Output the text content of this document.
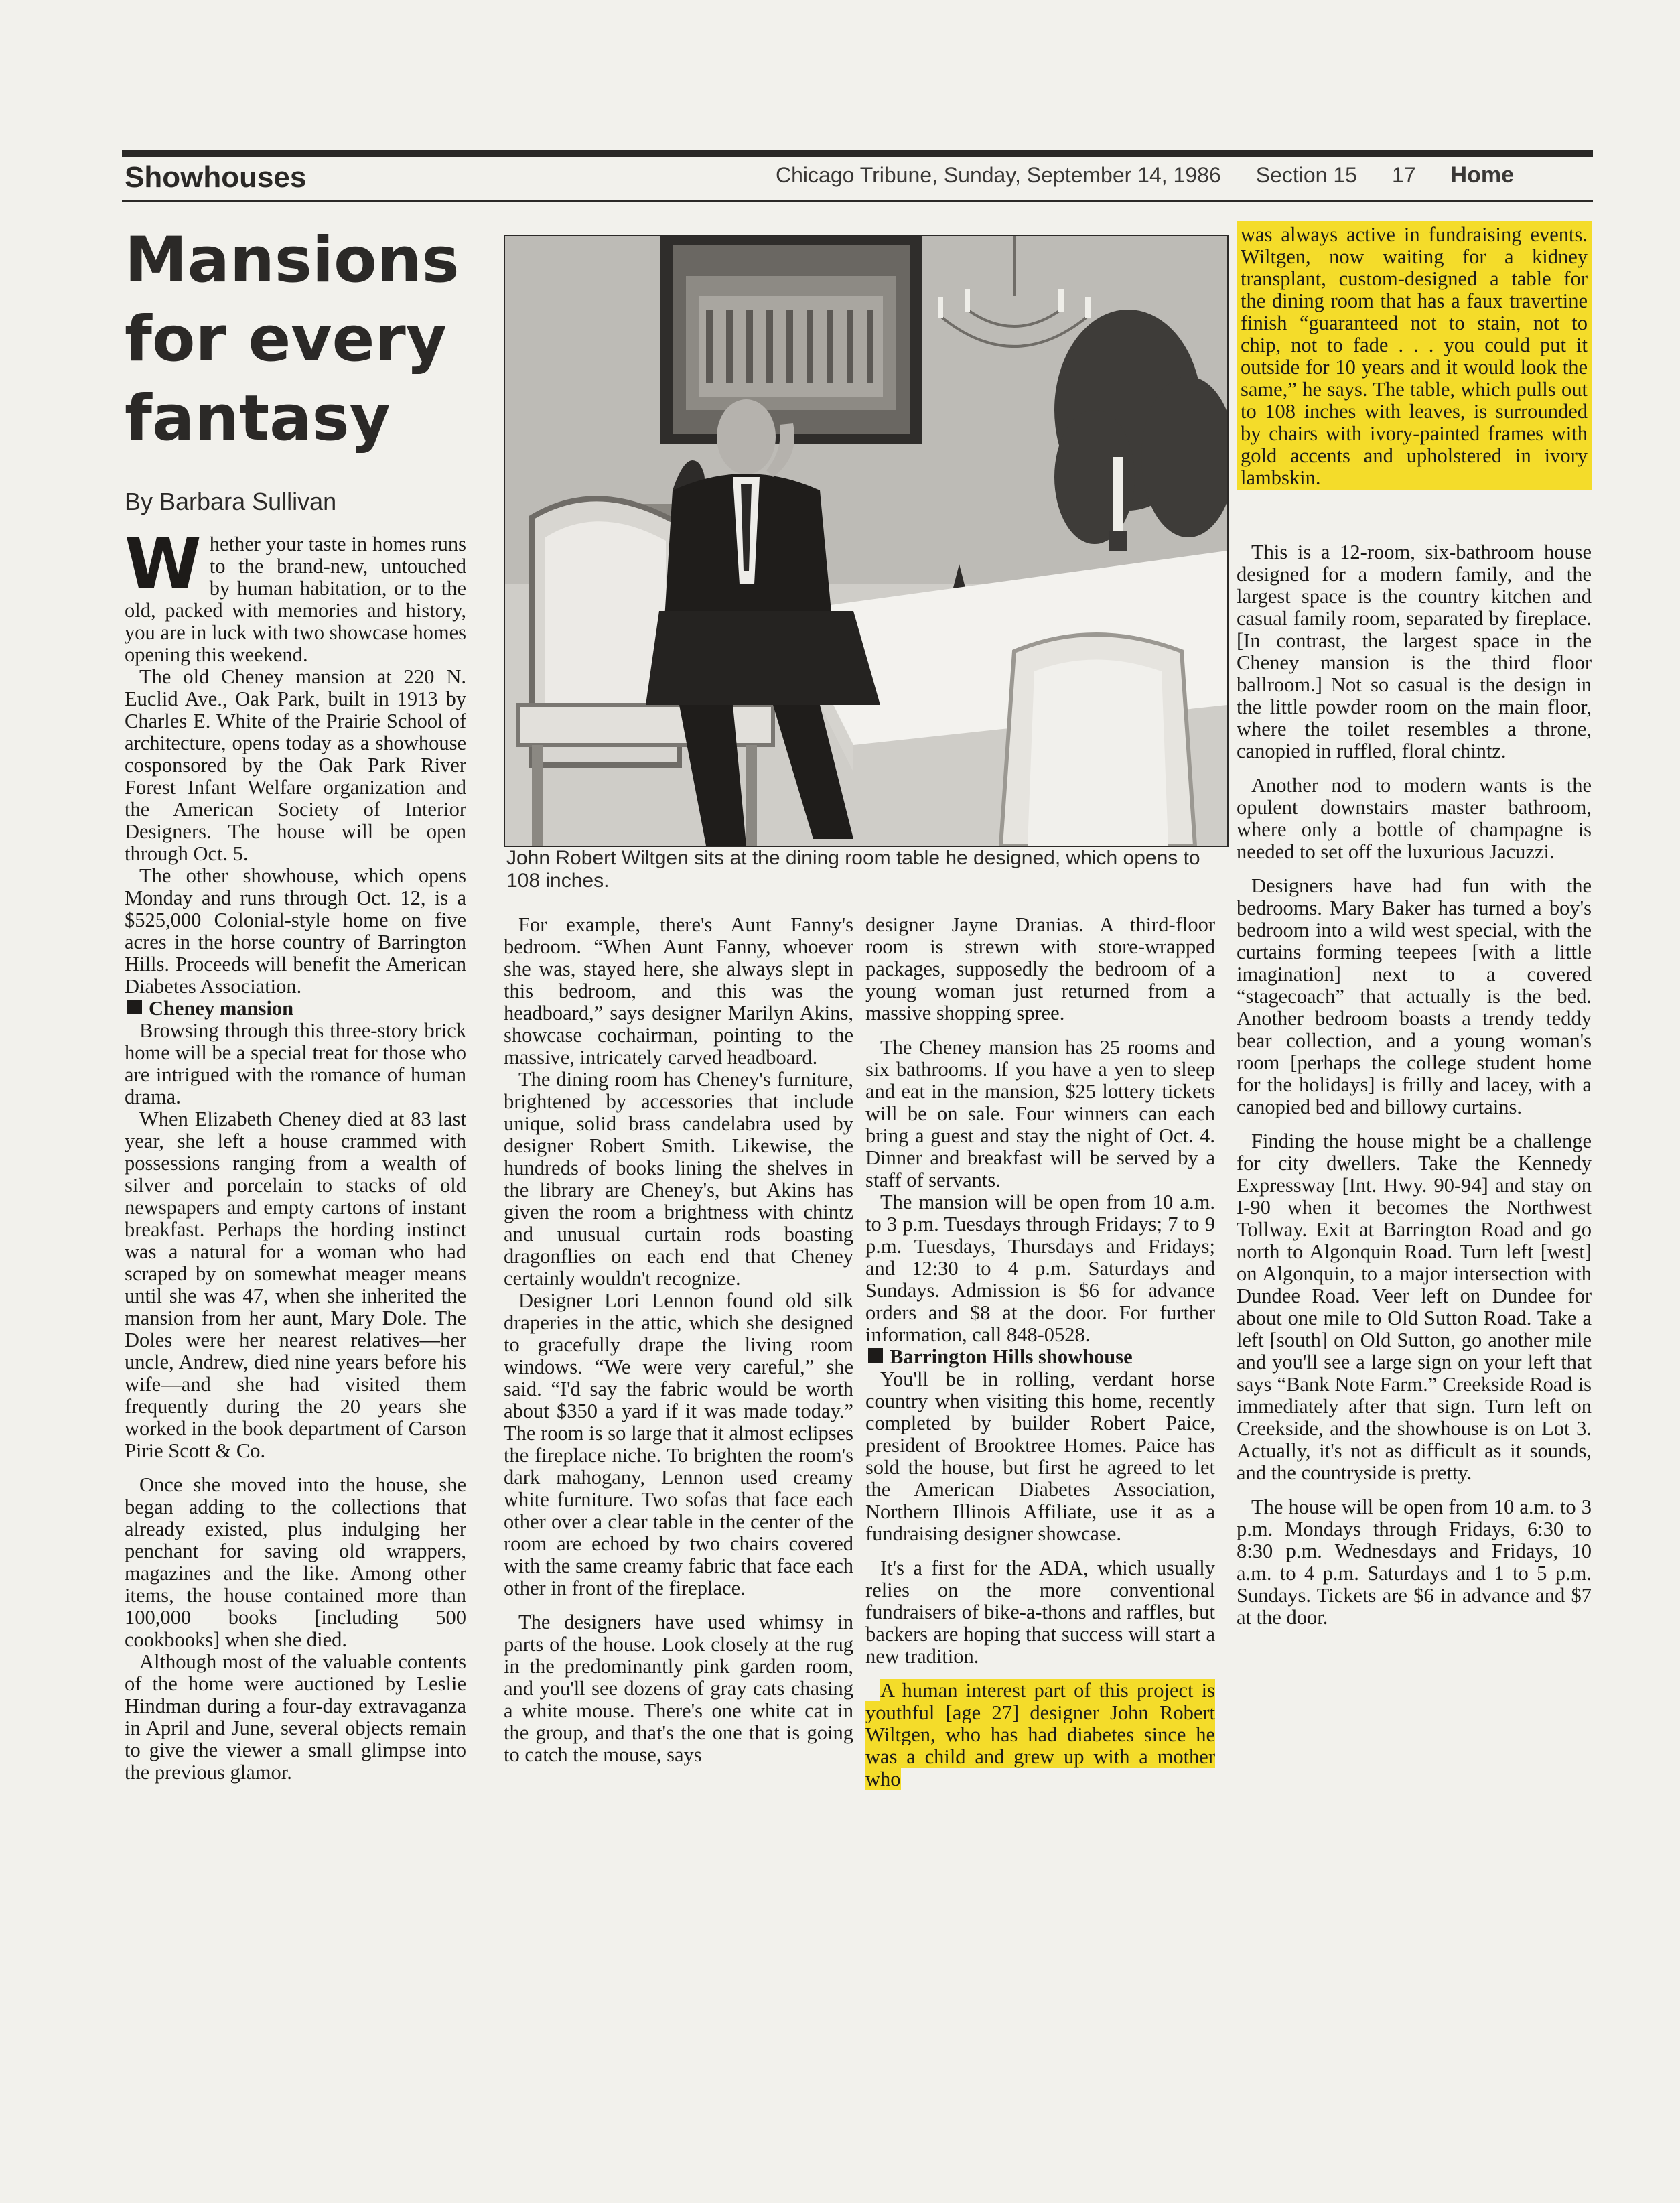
Showhouses	Chicago Tribune, Sunday, September 14, 1986 Section 15 17 Home
Mansions
for every
fantasy
By Barbara Sullivan

Whether your taste in homes runs to the brand-new, untouched by human habitation, or to the old, packed with memories and history, you are in luck with two showcase homes opening this weekend.

The old Cheney mansion at 220 N. Euclid Ave., Oak Park, built in 1913 by Charles E. White of the Prairie School of architecture, opens today as a showhouse cosponsored by the Oak Park River Forest Infant Welfare organization and the American Society of Interior Designers. The house will be open through Oct. 5.

The other showhouse, which opens Monday and runs through Oct. 12, is a $525,000 Colonial-style home on five acres in the horse country of Barrington Hills. Proceeds will benefit the American Diabetes Association.

Cheney mansion

Browsing through this three-story brick home will be a special treat for those who are intrigued with the romance of human drama.

When Elizabeth Cheney died at 83 last year, she left a house crammed with possessions ranging from a wealth of silver and porcelain to stacks of old newspapers and empty cartons of instant breakfast. Perhaps the hording instinct was a natural for a woman who had scraped by on somewhat meager means until she was 47, when she inherited the mansion from her aunt, Mary Dole. The Doles were her nearest relatives—her uncle, Andrew, died nine years before his wife—and she had visited them frequently during the 20 years she worked in the book department of Carson Pirie Scott & Co.

Once she moved into the house, she began adding to the collections that already existed, plus indulging her penchant for saving old wrappers, magazines and the like. Among other items, the house contained more than 100,000 books [including 500 cookbooks] when she died.

Although most of the valuable contents of the home were auctioned by Leslie Hindman during a four-day extravaganza in April and June, several objects remain to give the viewer a small glimpse into the previous glamor.

John Robert Wiltgen sits at the dining room table he designed, which opens to 108 inches.

For example, there's Aunt Fanny's bedroom. “When Aunt Fanny, whoever she was, stayed here, she always slept in this bedroom, and this was the headboard,” says designer Marilyn Akins, showcase cochairman, pointing to the massive, intricately carved headboard.

The dining room has Cheney's furniture, brightened by accessories that include unique, solid brass candelabra used by designer Robert Smith. Likewise, the hundreds of books lining the shelves in the library are Cheney's, but Akins has given the room a brightness with chintz and unusual curtain rods boasting dragonflies on each end that Cheney certainly wouldn't recognize.

Designer Lori Lennon found old silk draperies in the attic, which she designed to gracefully drape the living room windows. “We were very careful,” she said. “I'd say the fabric would be worth about $350 a yard if it was made today.” The room is so large that it almost eclipses the fireplace niche. To brighten the room's dark mahogany, Lennon used creamy white furniture. Two sofas that face each other over a clear table in the center of the room are echoed by two chairs covered with the same creamy fabric that face each other in front of the fireplace.

The designers have used whimsy in parts of the house. Look closely at the rug in the predominantly pink garden room, and you'll see dozens of gray cats chasing a white mouse. There's one white cat in the group, and that's the one that is going to catch the mouse, says

designer Jayne Dranias. A third-floor room is strewn with store-wrapped packages, supposedly the bedroom of a young woman just returned from a massive shopping spree.

The Cheney mansion has 25 rooms and six bathrooms. If you have a yen to sleep and eat in the mansion, $25 lottery tickets will be on sale. Four winners can each bring a guest and stay the night of Oct. 4. Dinner and breakfast will be served by a staff of servants.

The mansion will be open from 10 a.m. to 3 p.m. Tuesdays through Fridays; 7 to 9 p.m. Tuesdays, Thursdays and Fridays; and 12:30 to 4 p.m. Saturdays and Sundays. Admission is $6 for advance orders and $8 at the door. For further information, call 848-0528.

Barrington Hills showhouse

You'll be in rolling, verdant horse country when visiting this home, recently completed by builder Robert Paice, president of Brooktree Homes. Paice has sold the house, but first he agreed to let the American Diabetes Association, Northern Illinois Affiliate, use it as a fundraising designer showcase.

It's a first for the ADA, which usually relies on the more conventional fundraisers of bike-a-thons and raffles, but backers are hoping that success will start a new tradition.

A human interest part of this project is youthful [age 27] designer John Robert Wiltgen, who has had diabetes since he was a child and grew up with a mother who

was always active in fundraising events. Wiltgen, now waiting for a kidney transplant, custom-designed a table for the dining room that has a faux travertine finish “guaranteed not to stain, not to chip, not to fade . . . you could put it outside for 10 years and it would look the same,” he says. The table, which pulls out to 108 inches with leaves, is surrounded by chairs with ivory-painted frames with gold accents and upholstered in ivory lambskin.

This is a 12-room, six-bathroom house designed for a modern family, and the largest space is the country kitchen and casual family room, separated by fireplace. [In contrast, the largest space in the Cheney mansion is the third floor ballroom.] Not so casual is the design in the little powder room on the main floor, where the toilet resembles a throne, canopied in ruffled, floral chintz.

Another nod to modern wants is the opulent downstairs master bathroom, where only a bottle of champagne is needed to set off the luxurious Jacuzzi.

Designers have had fun with the bedrooms. Mary Baker has turned a boy's bedroom into a wild west special, with the curtains forming teepees [with a little imagination] next to a covered “stagecoach” that actually is the bed. Another bedroom boasts a trendy teddy bear collection, and a young woman's room [perhaps the college student home for the holidays] is frilly and lacey, with a canopied bed and billowy curtains.

Finding the house might be a challenge for city dwellers. Take the Kennedy Expressway [Int. Hwy. 90-94] and stay on I-90 when it becomes the Northwest Tollway. Exit at Barrington Road and go north to Algonquin Road. Turn left [west] on Algonquin, to a major intersection with Dundee Road. Veer left on Dundee for about one mile to Old Sutton Road. Take a left [south] on Old Sutton, go another mile and you'll see a large sign on your left that says “Bank Note Farm.” Creekside Road is immediately after that sign. Turn left on Creekside, and the showhouse is on Lot 3. Actually, it's not as difficult as it sounds, and the countryside is pretty.

The house will be open from 10 a.m. to 3 p.m. Mondays through Fridays, 6:30 to 8:30 p.m. Wednesdays and Fridays, 10 a.m. to 4 p.m. Saturdays and 1 to 5 p.m. Sundays. Tickets are $6 in advance and $7 at the door.
